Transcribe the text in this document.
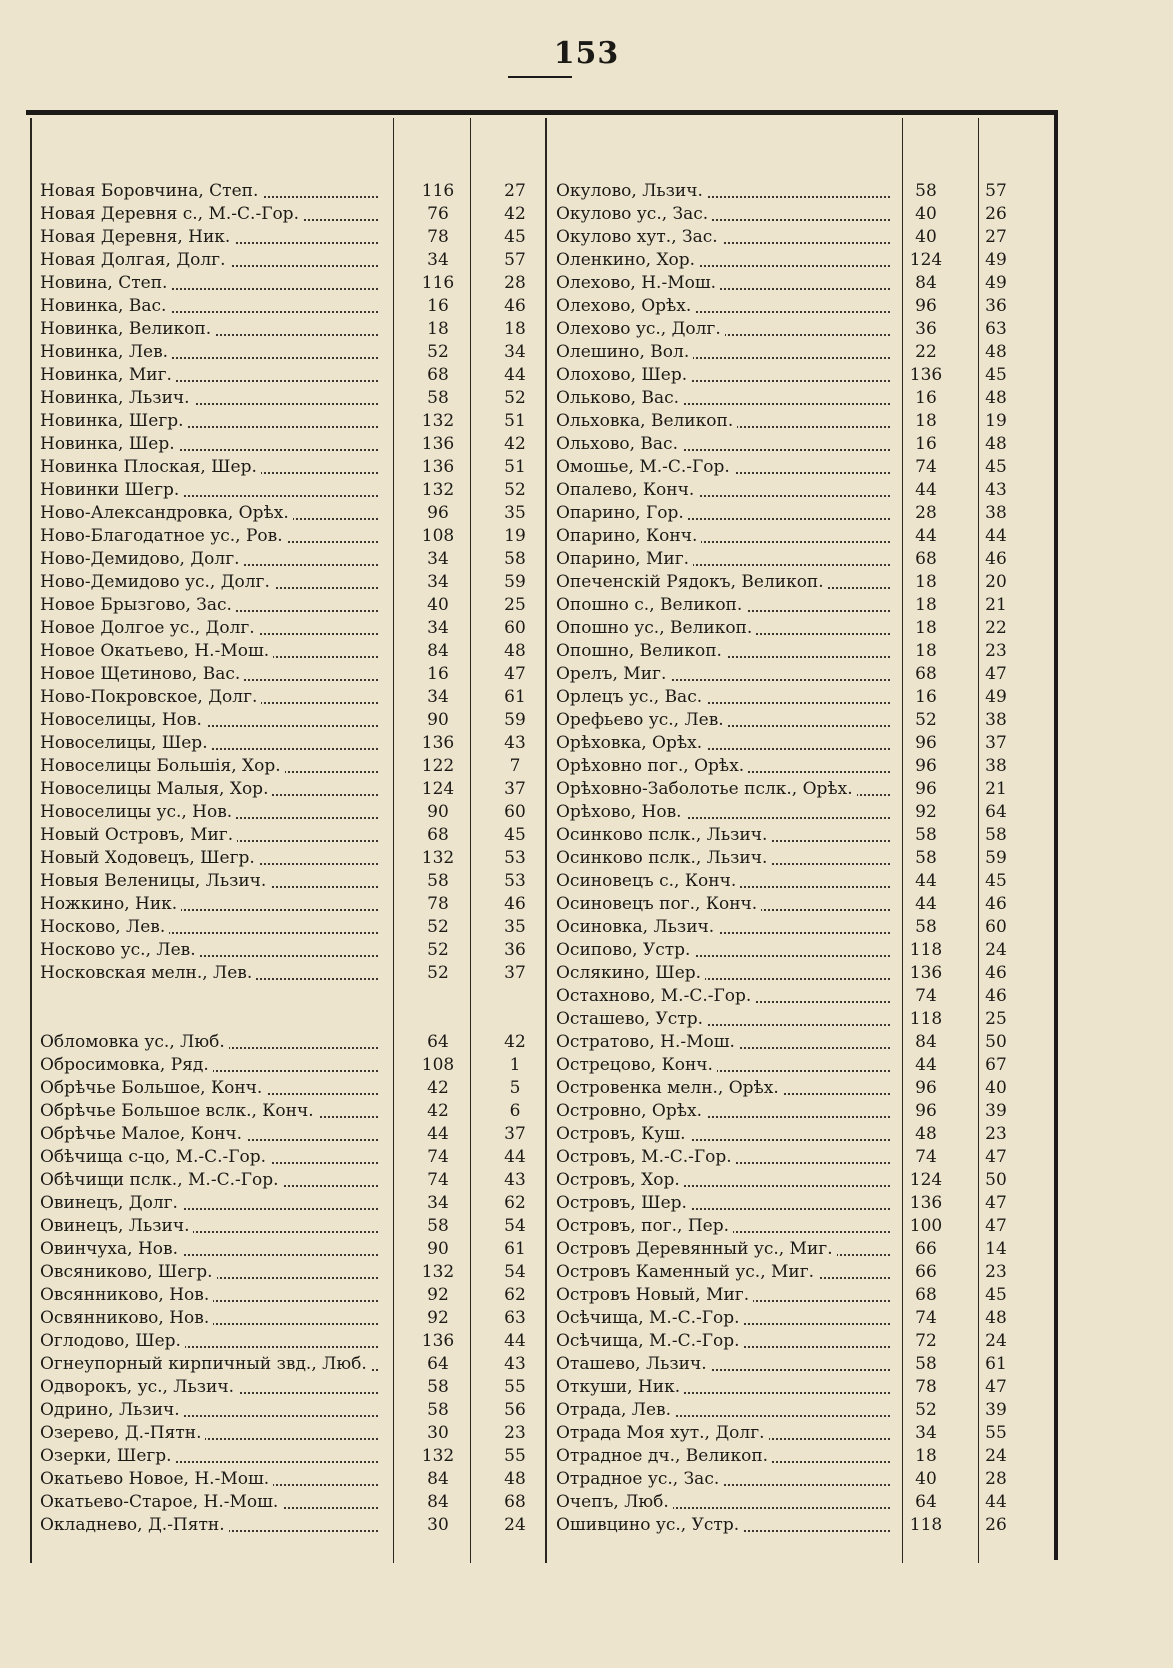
153
Новая Боровчина, Степ.	116	27
Новая Деревня с., М.-С.-Гор.	76	42
Новая Деревня, Ник.	78	45
Новая Долгая, Долг.	34	57
Новина, Степ.	116	28
Новинка, Вас.	16	46
Новинка, Великоп.	18	18
Новинка, Лев.	52	34
Новинка, Миг.	68	44
Новинка, Льзич.	58	52
Новинка, Шегр.	132	51
Новинка, Шер.	136	42
Новинка Плоская, Шер.	136	51
Новинки Шегр.	132	52
Ново-Александровка, Орѣх.	96	35
Ново-Благодатное ус., Ров.	108	19
Ново-Демидово, Долг.	34	58
Ново-Демидово ус., Долг.	34	59
Новое Брызгово, Зас.	40	25
Новое Долгое ус., Долг.	34	60
Новое Окатьево, Н.-Мош.	84	48
Новое Щетиново, Вас.	16	47
Ново-Покровское, Долг.	34	61
Новоселицы, Нов.	90	59
Новоселицы, Шер.	136	43
Новоселицы Большія, Хор.	122	7
Новоселицы Малыя, Хор.	124	37
Новоселицы ус., Нов.	90	60
Новый Островъ, Миг.	68	45
Новый Ходовецъ, Шегр.	132	53
Новыя Веленицы, Льзич.	58	53
Ножкино, Ник.	78	46
Носково, Лев.	52	35
Носково ус., Лев.	52	36
Носковская мелн., Лев.	52	37
Обломовка ус., Люб.	64	42
Обросимовка, Ряд.	108	1
Обрѣчье Большое, Конч.	42	5
Обрѣчье Большое вслк., Конч.	42	6
Обрѣчье Малое, Конч.	44	37
Обѣчища с-цо, М.-С.-Гор.	74	44
Обѣчищи пслк., М.-С.-Гор.	74	43
Овинецъ, Долг.	34	62
Овинецъ, Льзич.	58	54
Овинчуха, Нов.	90	61
Овсяниково, Шегр.	132	54
Овсянниково, Нов.	92	62
Освянниково, Нов.	92	63
Оглодово, Шер.	136	44
Огнеупорный кирпичный звд., Люб.	64	43
Одворокъ, ус., Льзич.	58	55
Одрино, Льзич.	58	56
Озерево, Д.-Пятн.	30	23
Озерки, Шегр.	132	55
Окатьево Новое, Н.-Мош.	84	48
Окатьево-Старое, Н.-Мош.	84	68
Окладнево, Д.-Пятн.	30	24
Окулово, Льзич.	58	57
Окулово ус., Зас.	40	26
Окулово хут., Зас.	40	27
Оленкино, Хор.	124	49
Олехово, Н.-Мош.	84	49
Олехово, Орѣх.	96	36
Олехово ус., Долг.	36	63
Олешино, Вол.	22	48
Олохово, Шер.	136	45
Ольково, Вас.	16	48
Ольховка, Великоп.	18	19
Ольхово, Вас.	16	48
Омошье, М.-С.-Гор.	74	45
Опалево, Конч.	44	43
Опарино, Гор.	28	38
Опарино, Конч.	44	44
Опарино, Миг.	68	46
Опеченскій Рядокъ, Великоп.	18	20
Опошно с., Великоп.	18	21
Опошно ус., Великоп.	18	22
Опошно, Великоп.	18	23
Орелъ, Миг.	68	47
Орлецъ ус., Вас.	16	49
Орефьево ус., Лев.	52	38
Орѣховка, Орѣх.	96	37
Орѣховно пог., Орѣх.	96	38
Орѣховно-Заболотье пслк., Орѣх.	96	21
Орѣхово, Нов.	92	64
Осинково пслк., Льзич.	58	58
Осинково пслк., Льзич.	58	59
Осиновецъ с., Конч.	44	45
Осиновецъ пог., Конч.	44	46
Осиновка, Льзич.	58	60
Осипово, Устр.	118	24
Ослякино, Шер.	136	46
Остахново, М.-С.-Гор.	74	46
Осташево, Устр.	118	25
Остратово, Н.-Мош.	84	50
Острецово, Конч.	44	67
Островенка мелн., Орѣх.	96	40
Островно, Орѣх.	96	39
Островъ, Куш.	48	23
Островъ, М.-С.-Гор.	74	47
Островъ, Хор.	124	50
Островъ, Шер.	136	47
Островъ, пог., Пер.	100	47
Островъ Деревянный ус., Миг.	66	14
Островъ Каменный ус., Миг.	66	23
Островъ Новый, Миг.	68	45
Осѣчища, М.-С.-Гор.	74	48
Осѣчища, М.-С.-Гор.	72	24
Оташево, Льзич.	58	61
Откуши, Ник.	78	47
Отрада, Лев.	52	39
Отрада Моя хут., Долг.	34	55
Отрадное дч., Великоп.	18	24
Отрадное ус., Зас.	40	28
Очепъ, Люб.	64	44
Ошивцино ус., Устр.	118	26
